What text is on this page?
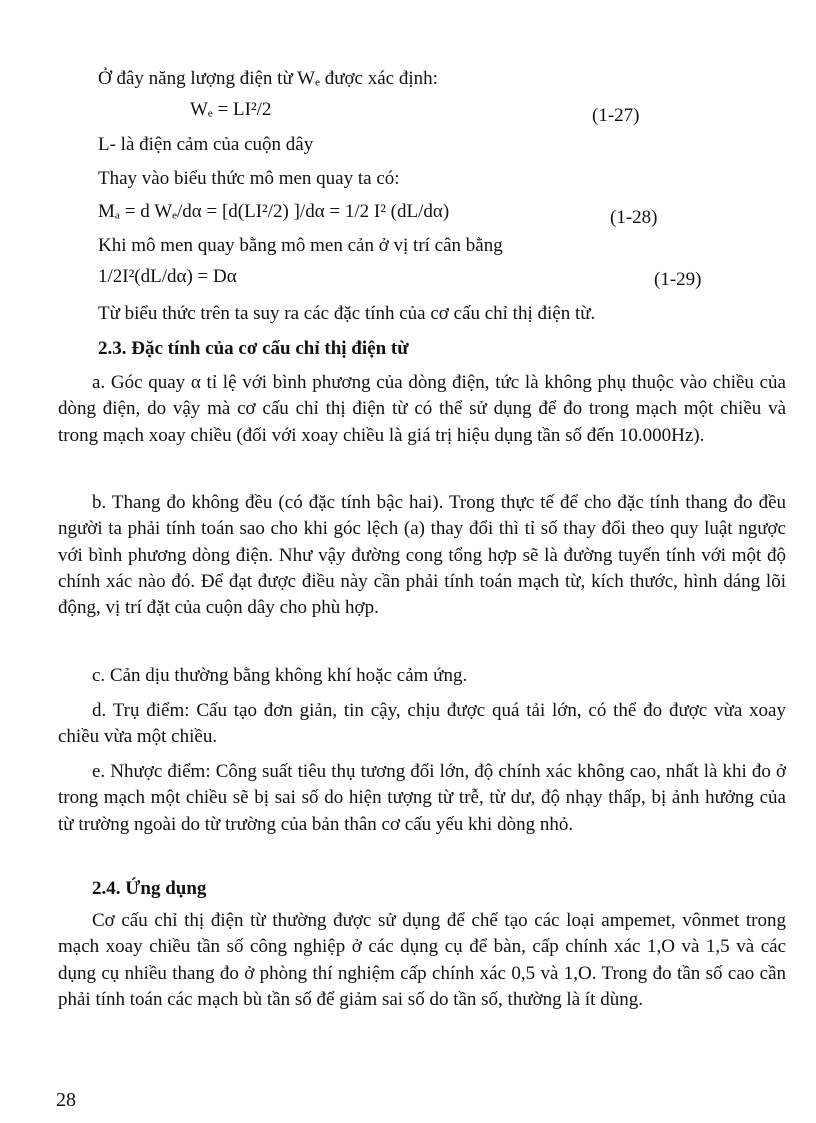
Ở đây năng lượng điện từ Wₑ được xác định:
Wₑ = LI²/2	(1-27)
L- là điện cảm của cuộn dây
Thay vào biểu thức mô men quay ta có:
Mₐ = d Wₑ/dα = [d(LI²/2) ]/dα = 1/2 I² (dL/dα)	(1-28)
Khi mô men quay bằng mô men cản ở vị trí cân bằng
1/2I²(dL/dα) = Dα	(1-29)
Từ biểu thức trên ta suy ra các đặc tính của cơ cấu chỉ thị điện từ.
2.3. Đặc tính của cơ cấu chỉ thị điện từ
a. Góc quay α tỉ lệ với bình phương của dòng điện, tức là không phụ thuộc vào chiều của dòng điện, do vậy mà cơ cấu chỉ thị điện từ có thể sử dụng để đo trong mạch một chiều và trong mạch xoay chiều (đối với xoay chiều là giá trị hiệu dụng tần số đến 10.000Hz).
b. Thang đo không đều (có đặc tính bậc hai). Trong thực tế để cho đặc tính thang đo đều người ta phải tính toán sao cho khi góc lệch (a) thay đổi thì tỉ số thay đổi theo quy luật ngược với bình phương dòng điện. Như vậy đường cong tổng hợp sẽ là đường tuyến tính với một độ chính xác nào đó. Để đạt được điều này cần phải tính toán mạch từ, kích thước, hình dáng lõi động, vị trí đặt của cuộn dây cho phù hợp.
c. Cản dịu thường bằng không khí hoặc cảm ứng.
d. Trụ điểm: Cấu tạo đơn giản, tin cậy, chịu được quá tải lớn, có thể đo được vừa xoay chiều vừa một chiều.
e. Nhược điểm: Công suất tiêu thụ tương đối lớn, độ chính xác không cao, nhất là khi đo ở trong mạch một chiều sẽ bị sai số do hiện tượng từ trễ, từ dư, độ nhạy thấp, bị ảnh hưởng của từ trường ngoài do từ trường của bản thân cơ cấu yếu khi dòng nhỏ.
2.4. Ứng dụng
Cơ cấu chỉ thị điện từ thường được sử dụng để chế tạo các loại ampemet, vônmet trong mạch xoay chiều tần số công nghiệp ở các dụng cụ để bàn, cấp chính xác 1,O và 1,5 và các dụng cụ nhiều thang đo ở phòng thí nghiệm cấp chính xác 0,5 và 1,O. Trong đo tần số cao cần phải tính toán các mạch bù tần số để giảm sai số do tần số, thường là ít dùng.
28
